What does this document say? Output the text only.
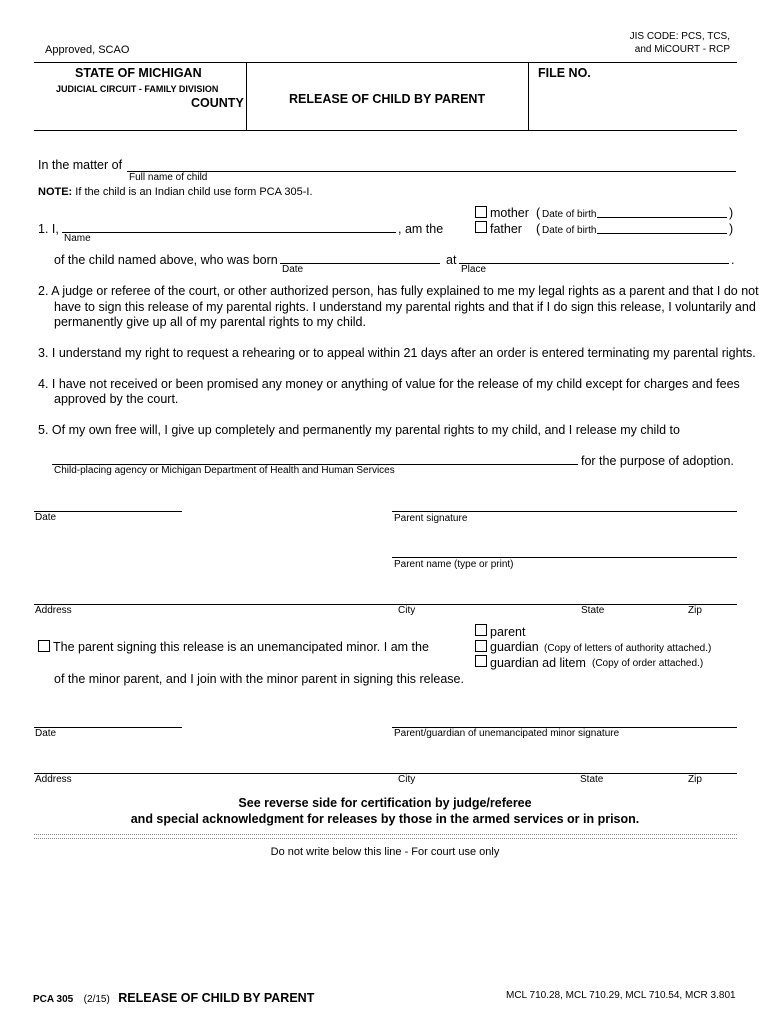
Approved, SCAO
JIS CODE: PCS, TCS,
and MiCOURT - RCP
STATE OF MICHIGAN
JUDICIAL CIRCUIT - FAMILY DIVISION
COUNTY	RELEASE OF CHILD BY PARENT
FILE NO.
In the matter of
Full name of child
NOTE: If the child is an Indian child use form PCA 305-I.
1. I,
Name
, am the
mother ( Date of birth	)
father ( Date of birth	)
of the child named above, who was born
Date
at
Place
.
2. A judge or referee of the court, or other authorized person, has fully explained to me my legal rights as a parent and that I do not
have to sign this release of my parental rights. I understand my parental rights and that if I do sign this release, I voluntarily and
permanently give up all of my parental rights to my child.
3. I understand my right to request a rehearing or to appeal within 21 days after an order is entered terminating my parental rights.
4. I have not received or been promised any money or anything of value for the release of my child except for charges and fees
approved by the court.
5. Of my own free will, I give up completely and permanently my parental rights to my child, and I release my child to
for the purpose of adoption.
Child-placing agency or Michigan Department of Health and Human Services
Date	Parent signature
Parent name (type or print)
Address	City	State	Zip
The parent signing this release is an unemancipated minor. I am the
parent
guardian (Copy of letters of authority attached.)
guardian ad litem (Copy of order attached.)
of the minor parent, and I join with the minor parent in signing this release.
Date	Parent/guardian of unemancipated minor signature
Address	City	State	Zip
See reverse side for certification by judge/referee
and special acknowledgment for releases by those in the armed services or in prison.
Do not write below this line - For court use only
PCA 305 (2/15) RELEASE OF CHILD BY PARENT	MCL 710.28, MCL 710.29, MCL 710.54, MCR 3.801
